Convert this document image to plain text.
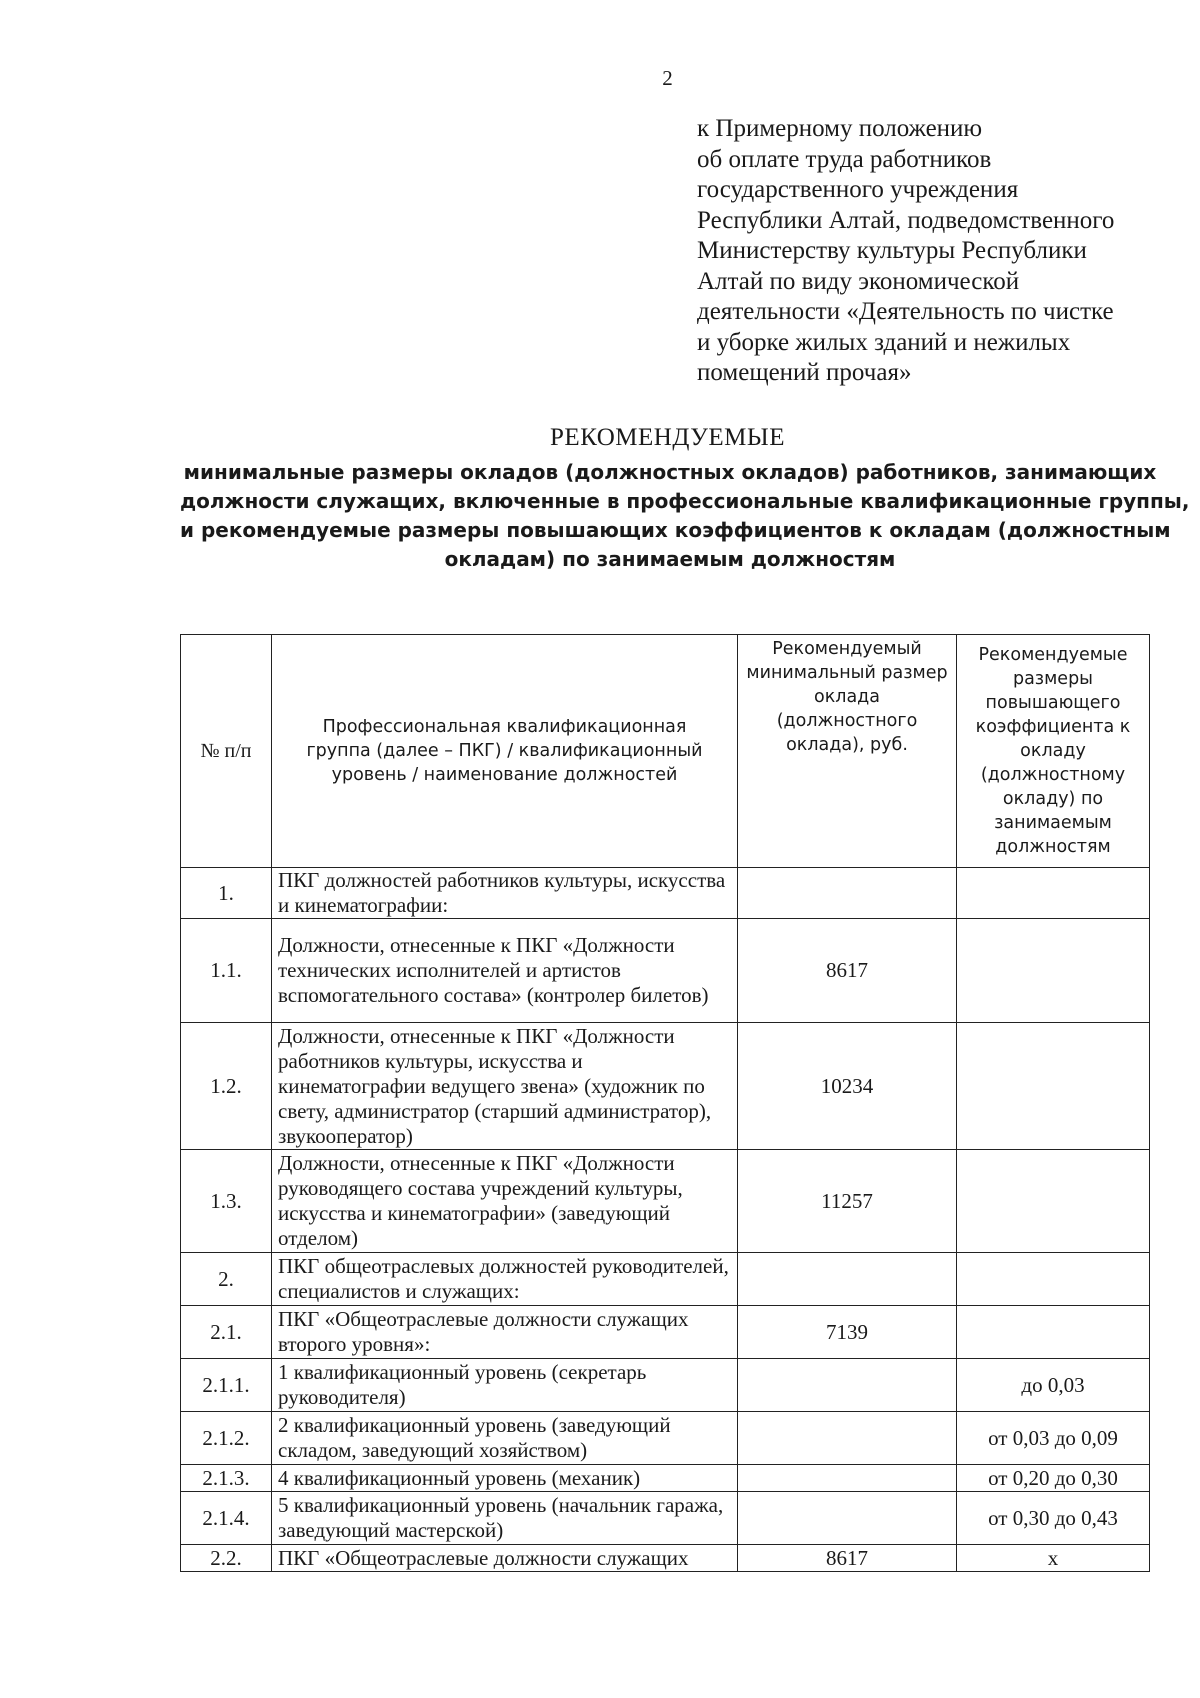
2
к Примерному положению
об оплате труда работников
государственного учреждения
Республики Алтай, подведомственного
Министерству культуры Республики
Алтай по виду экономической
деятельности «Деятельность по чистке
и уборке жилых зданий и нежилых
помещений прочая»
РЕКОМЕНДУЕМЫЕ
минимальные размеры окладов (должностных окладов) работников, занимающих
должности служащих, включенные в профессиональные квалификационные группы,
и рекомендуемые размеры повышающих коэффициентов к окладам (должностным
окладам) по занимаемым должностям
№ п/п	Профессиональная квалификационная группа (далее – ПКГ) / квалификационный уровень / наименование должностей	Рекомендуемый минимальный размер оклада (должностного оклада), руб.	Рекомендуемые размеры повышающего коэффициента к окладу (должностному окладу) по занимаемым должностям
1.	ПКГ должностей работников культуры, искусства и кинематографии:		
1.1.	Должности, отнесенные к ПКГ «Должности технических исполнителей и артистов вспомогательного состава» (контролер билетов)	8617	
1.2.	Должности, отнесенные к ПКГ «Должности работников культуры, искусства и кинематографии ведущего звена» (художник по свету, администратор (старший администратор), звукооператор)	10234	
1.3.	Должности, отнесенные к ПКГ «Должности руководящего состава учреждений культуры, искусства и кинематографии» (заведующий отделом)	11257	
2.	ПКГ общеотраслевых должностей руководителей, специалистов и служащих:		
2.1.	ПКГ «Общеотраслевые должности служащих второго уровня»:	7139	
2.1.1.	1 квалификационный уровень (секретарь руководителя)		до 0,03
2.1.2.	2 квалификационный уровень (заведующий складом, заведующий хозяйством)		от 0,03 до 0,09
2.1.3.	4 квалификационный уровень (механик)		от 0,20 до 0,30
2.1.4.	5 квалификационный уровень (начальник гаража, заведующий мастерской)		от 0,30 до 0,43
2.2.	ПКГ «Общеотраслевые должности служащих	8617	х
